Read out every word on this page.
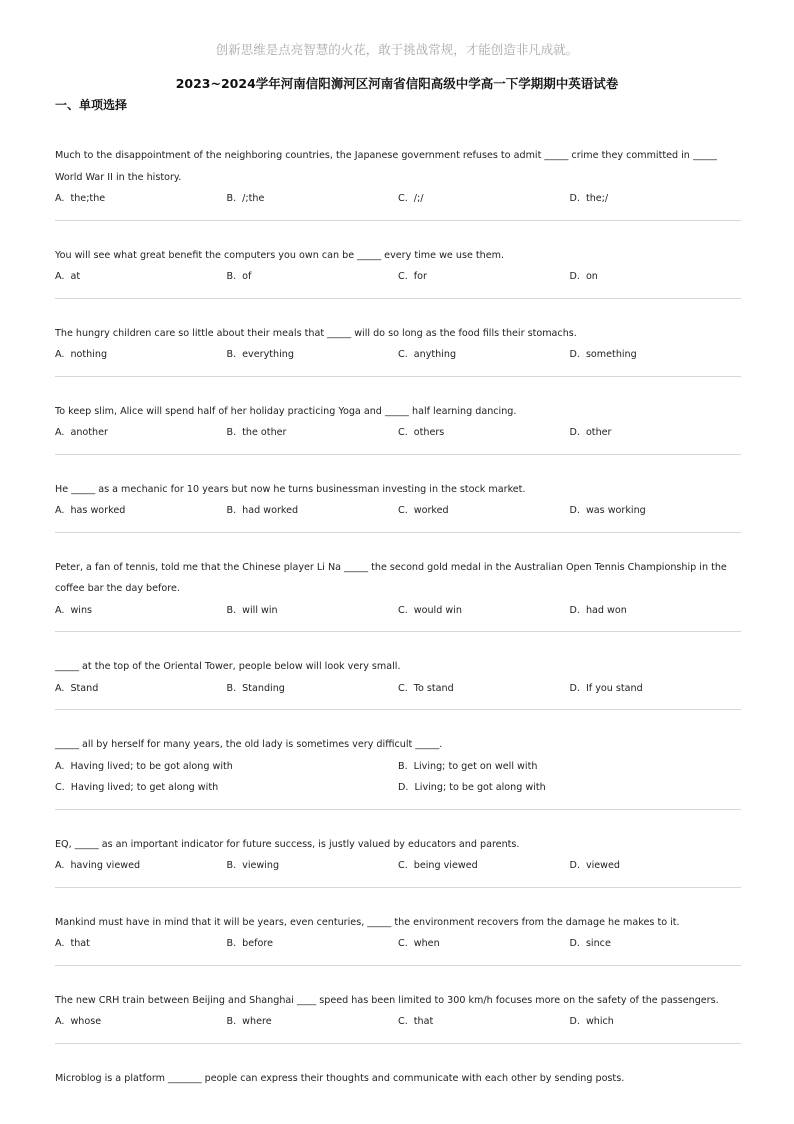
创新思维是点亮智慧的火花，敢于挑战常规，才能创造非凡成就。
2023~2024学年河南信阳浉河区河南省信阳高级中学高一下学期期中英语试卷
一、单项选择
Much to the disappointment of the neighboring countries, the Japanese government refuses to admit _____ crime they committed in _____ World War II in the history.
A. the;the	B. /;the	C. /;/	D. the;/
You will see what great benefit the computers you own can be _____ every time we use them.
A. at	B. of	C. for	D. on
The hungry children care so little about their meals that _____ will do so long as the food fills their stomachs.
A. nothing	B. everything	C. anything	D. something
To keep slim, Alice will spend half of her holiday practicing Yoga and _____ half learning dancing.
A. another	B. the other	C. others	D. other
He _____ as a mechanic for 10 years but now he turns businessman investing in the stock market.
A. has worked	B. had worked	C. worked	D. was working
Peter, a fan of tennis, told me that the Chinese player Li Na _____ the second gold medal in the Australian Open Tennis Championship in the coffee bar the day before.
A. wins	B. will win	C. would win	D. had won
_____ at the top of the Oriental Tower, people below will look very small.
A. Stand	B. Standing	C. To stand	D. If you stand
_____ all by herself for many years, the old lady is sometimes very difficult _____.
A. Having lived; to be got along with	B. Living; to get on well with
C. Having lived; to get along with	D. Living; to be got along with
EQ, _____ as an important indicator for future success, is justly valued by educators and parents.
A. having viewed	B. viewing	C. being viewed	D. viewed
Mankind must have in mind that it will be years, even centuries, _____ the environment recovers from the damage he makes to it.
A. that	B. before	C. when	D. since
The new CRH train between Beijing and Shanghai ____ speed has been limited to 300 km/h focuses more on the safety of the passengers.
A. whose	B. where	C. that	D. which
Microblog is a platform _______ people can express their thoughts and communicate with each other by sending posts.
